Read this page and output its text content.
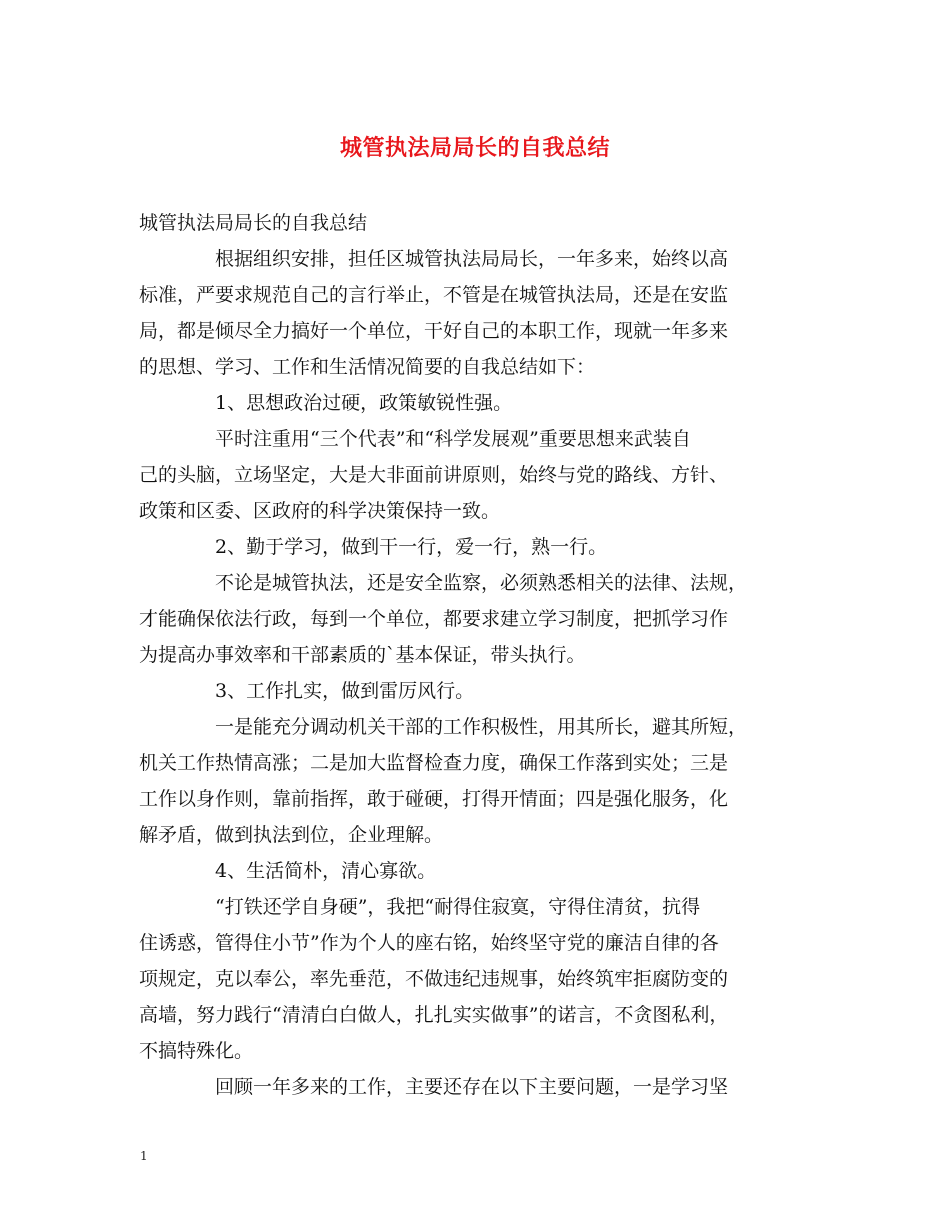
城管执法局局长的自我总结
城管执法局局长的自我总结
根据组织安排，担任区城管执法局局长，一年多来，始终以高
标准，严要求规范自己的言行举止，不管是在城管执法局，还是在安监
局，都是倾尽全力搞好一个单位，干好自己的本职工作，现就一年多来
的思想、学习、工作和生活情况简要的自我总结如下：
1、思想政治过硬，政策敏锐性强。
平时注重用“三个代表”和“科学发展观”重要思想来武装自
己的头脑，立场坚定，大是大非面前讲原则，始终与党的路线、方针、
政策和区委、区政府的科学决策保持一致。
2、勤于学习，做到干一行，爱一行，熟一行。
不论是城管执法，还是安全监察，必须熟悉相关的法律、法规，
才能确保依法行政，每到一个单位，都要求建立学习制度，把抓学习作
为提高办事效率和干部素质的`基本保证，带头执行。
3、工作扎实，做到雷厉风行。
一是能充分调动机关干部的工作积极性，用其所长，避其所短，
机关工作热情高涨；二是加大监督检查力度，确保工作落到实处；三是
工作以身作则，靠前指挥，敢于碰硬，打得开情面；四是强化服务，化
解矛盾，做到执法到位，企业理解。
4、生活简朴，清心寡欲。
“打铁还学自身硬”，我把“耐得住寂寞，守得住清贫，抗得
住诱惑，管得住小节”作为个人的座右铭，始终坚守党的廉洁自律的各
项规定，克以奉公，率先垂范，不做违纪违规事，始终筑牢拒腐防变的
高墙，努力践行“清清白白做人，扎扎实实做事”的诺言，不贪图私利，
不搞特殊化。
回顾一年多来的工作，主要还存在以下主要问题，一是学习坚
1
